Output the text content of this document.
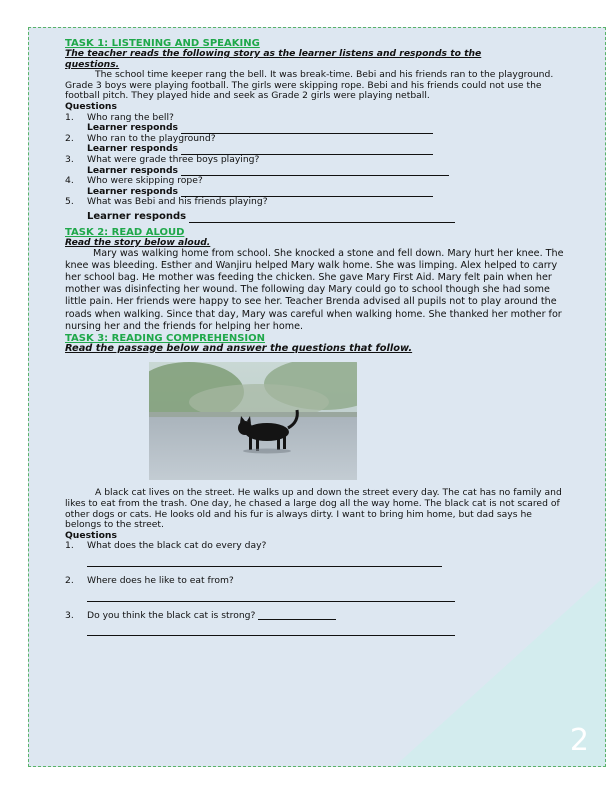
2

TASK 1: LISTENING AND SPEAKING

The teacher reads the following story as the learner listens and responds to the questions.

The school time keeper rang the bell. It was break-time. Bebi and his friends ran to the playground. Grade 3 boys were playing football. The girls were skipping rope. Bebi and his friends could not use the football pitch. They played hide and seek as Grade 2 girls were playing netball.

Questions

1.	Who rang the bell?
Learner responds
2.	Who ran to the playground?
Learner responds
3.	What were grade three boys playing?
Learner responds
4.	Who were skipping rope?
Learner responds
5.	What was Bebi and his friends playing?
Learner responds

TASK 2: READ ALOUD

Read the story below aloud.

Mary was walking home from school. She knocked a stone and fell down. Mary hurt her knee. The knee was bleeding. Esther and Wanjiru helped Mary walk home. She was limping. Alex helped to carry her school bag. He mother was feeding the chicken. She gave Mary First Aid. Mary felt pain when her mother was disinfecting her wound. The following day Mary could go to school though she had some little pain. Her friends were happy to see her. Teacher Brenda advised all pupils not to play around the roads when walking. Since that day, Mary was careful when walking home. She thanked her mother for nursing her and the friends for helping her home.

TASK 3: READING COMPREHENSION

Read the passage below and answer the questions that follow.

A black cat lives on the street. He walks up and down the street every day. The cat has no family and likes to eat from the trash. One day, he chased a large dog all the way home. The black cat is not scared of other dogs or cats. He looks old and his fur is always dirty. I want to bring him home, but dad says he belongs to the street.

Questions

1.	What does the black cat do every day?
2.	Where does he like to eat from?
3.	Do you think the black cat is strong?
